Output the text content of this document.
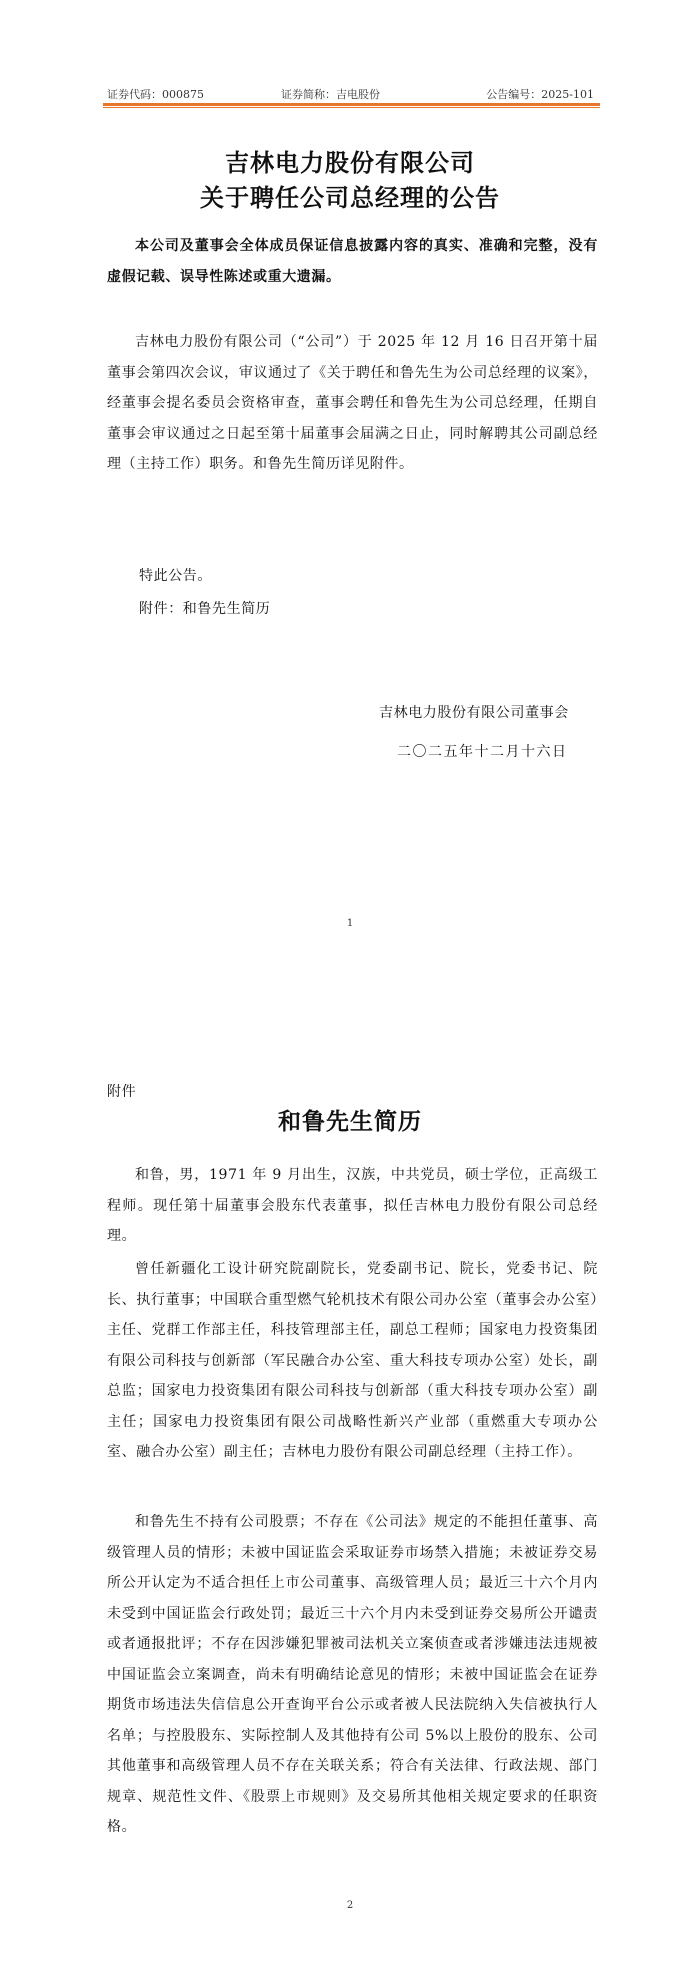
证券代码：000875	证券简称：吉电股份	公告编号：2025-101
吉林电力股份有限公司
关于聘任公司总经理的公告

本公司及董事会全体成员保证信息披露内容的真实、准确和完整，没有虚假记载、误导性陈述或重大遗漏。

吉林电力股份有限公司（“公司”）于 2025 年 12 月 16 日召开第十届董事会第四次会议，审议通过了《关于聘任和鲁先生为公司总经理的议案》，经董事会提名委员会资格审查，董事会聘任和鲁先生为公司总经理，任期自董事会审议通过之日起至第十届董事会届满之日止，同时解聘其公司副总经理（主持工作）职务。和鲁先生简历详见附件。

特此公告。
附件：和鲁先生简历
吉林电力股份有限公司董事会
二〇二五年十二月十六日
1
附件
和鲁先生简历

和鲁，男，1971 年 9 月出生，汉族，中共党员，硕士学位，正高级工程师。现任第十届董事会股东代表董事，拟任吉林电力股份有限公司总经理。

曾任新疆化工设计研究院副院长，党委副书记、院长，党委书记、院长、执行董事；中国联合重型燃气轮机技术有限公司办公室（董事会办公室）主任、党群工作部主任，科技管理部主任，副总工程师；国家电力投资集团有限公司科技与创新部（军民融合办公室、重大科技专项办公室）处长，副总监；国家电力投资集团有限公司科技与创新部（重大科技专项办公室）副主任；国家电力投资集团有限公司战略性新兴产业部（重燃重大专项办公室、融合办公室）副主任；吉林电力股份有限公司副总经理（主持工作）。

和鲁先生不持有公司股票；不存在《公司法》规定的不能担任董事、高级管理人员的情形；未被中国证监会采取证券市场禁入措施；未被证券交易所公开认定为不适合担任上市公司董事、高级管理人员；最近三十六个月内未受到中国证监会行政处罚；最近三十六个月内未受到证券交易所公开谴责或者通报批评；不存在因涉嫌犯罪被司法机关立案侦查或者涉嫌违法违规被中国证监会立案调查，尚未有明确结论意见的情形；未被中国证监会在证券期货市场违法失信信息公开查询平台公示或者被人民法院纳入失信被执行人名单；与控股股东、实际控制人及其他持有公司 5%以上股份的股东、公司其他董事和高级管理人员不存在关联关系；符合有关法律、行政法规、部门规章、规范性文件、《股票上市规则》及交易所其他相关规定要求的任职资格。

2
